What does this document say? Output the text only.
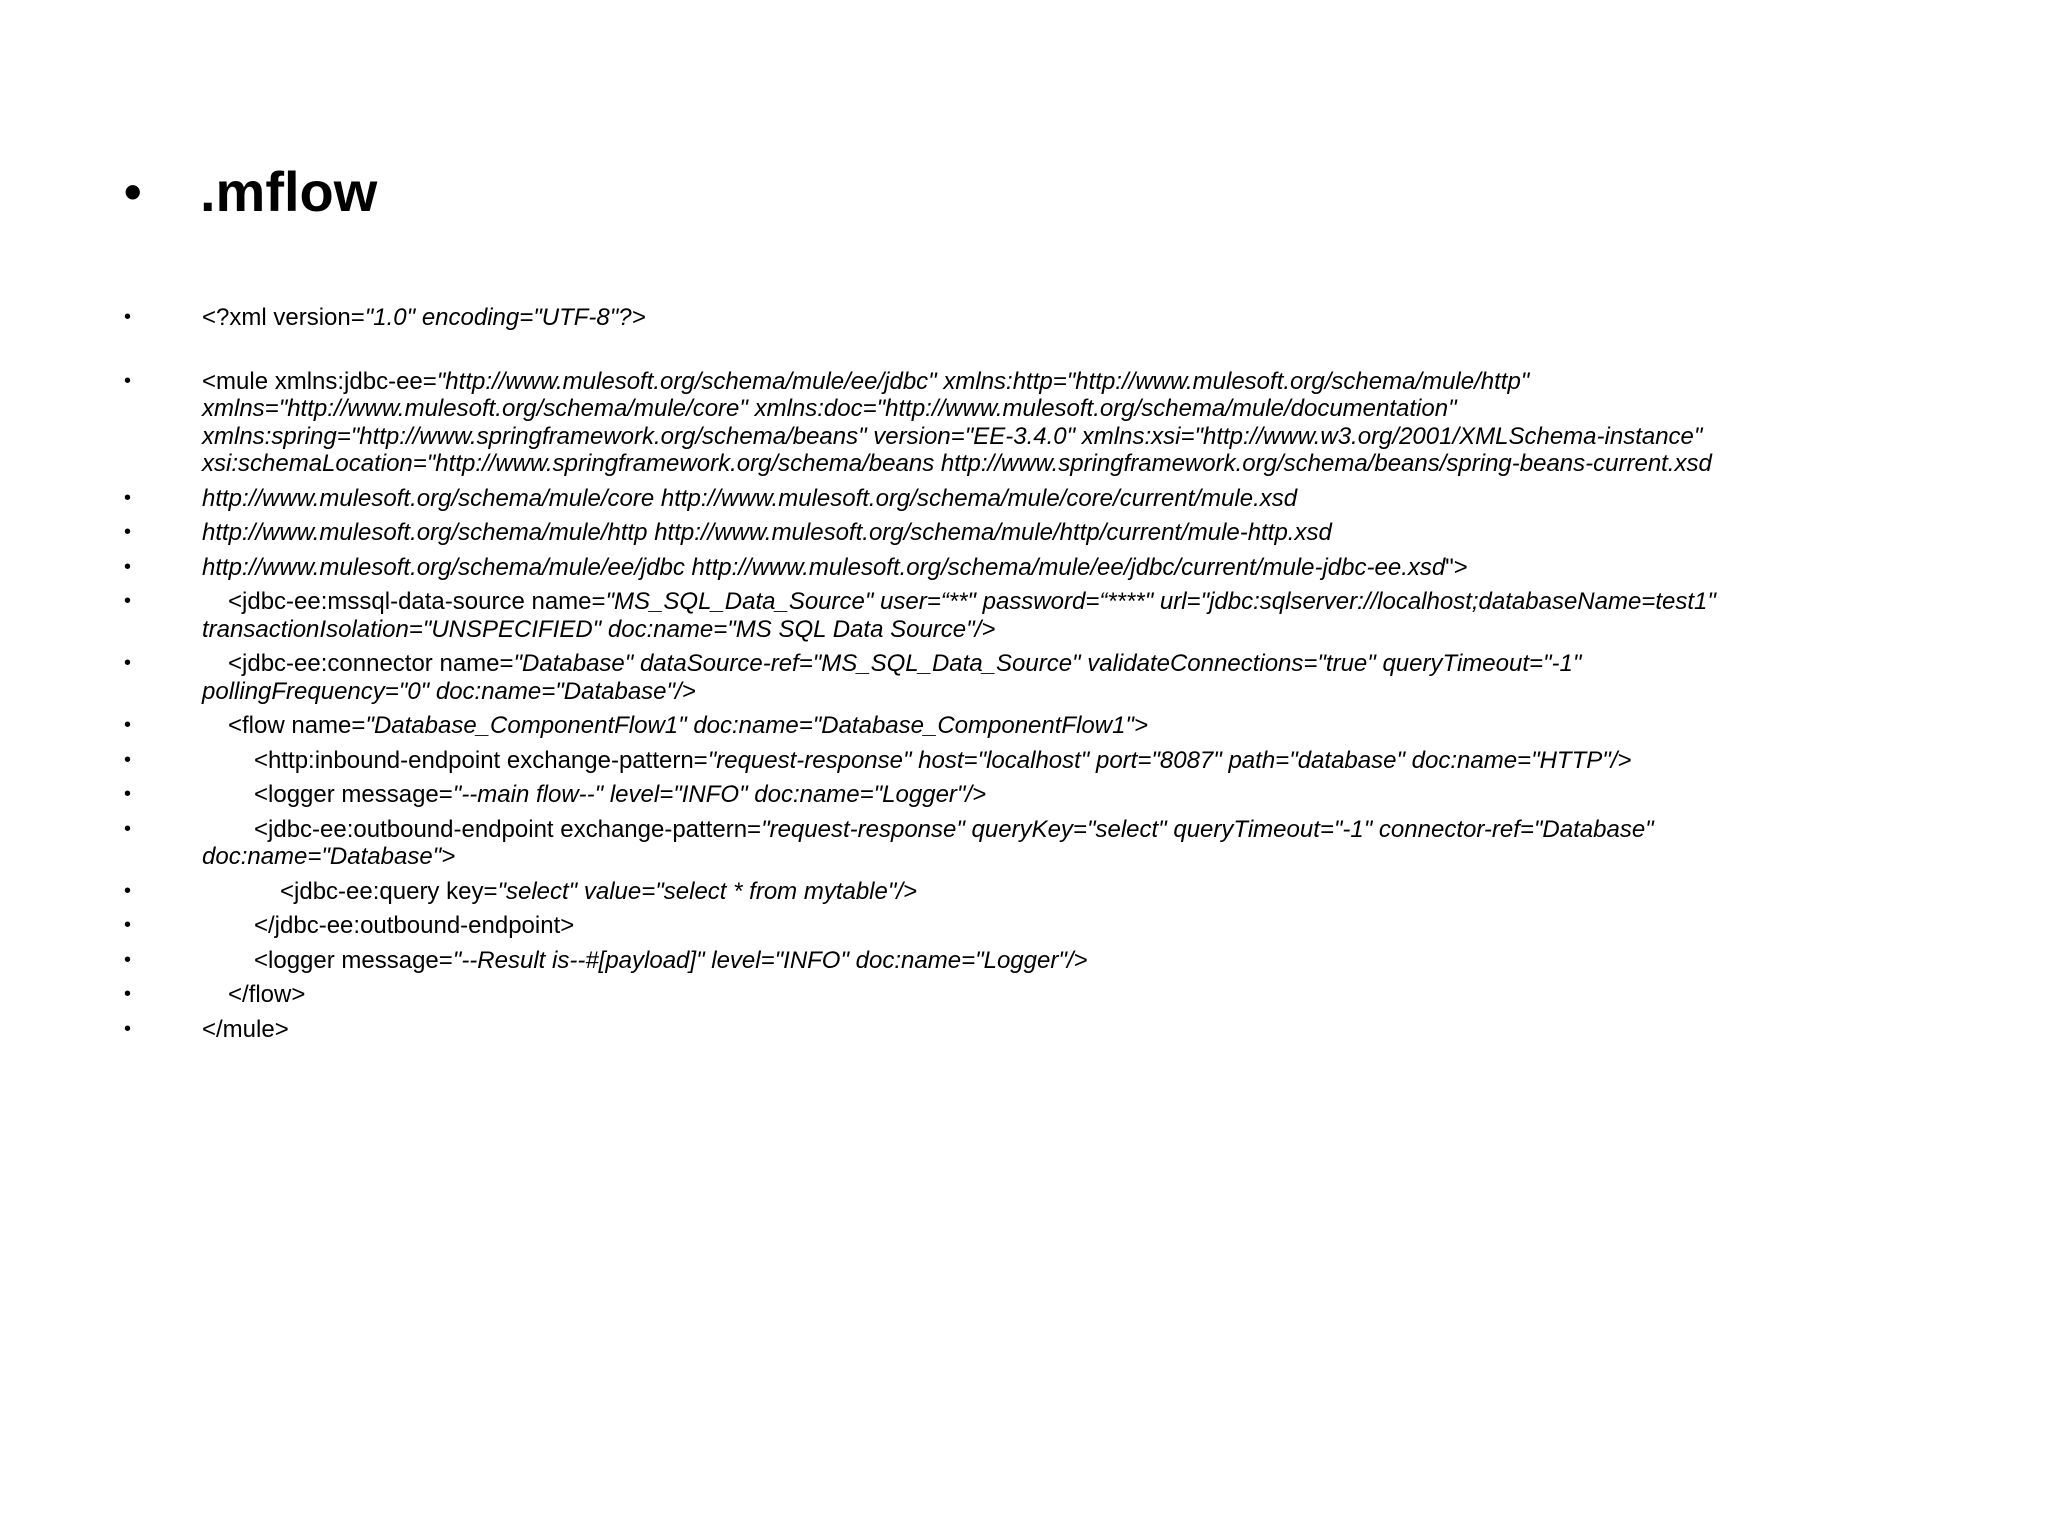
•	.mflow
•	<?xml version="1.0" encoding="UTF-8"?>
•	<mule xmlns:jdbc-ee="http://www.mulesoft.org/schema/mule/ee/jdbc" xmlns:http="http://www.mulesoft.org/schema/mule/http"
xmlns="http://www.mulesoft.org/schema/mule/core" xmlns:doc="http://www.mulesoft.org/schema/mule/documentation"
xmlns:spring="http://www.springframework.org/schema/beans" version="EE-3.4.0" xmlns:xsi="http://www.w3.org/2001/XMLSchema-instance"
xsi:schemaLocation="http://www.springframework.org/schema/beans http://www.springframework.org/schema/beans/spring-beans-current.xsd
•	http://www.mulesoft.org/schema/mule/core http://www.mulesoft.org/schema/mule/core/current/mule.xsd
•	http://www.mulesoft.org/schema/mule/http http://www.mulesoft.org/schema/mule/http/current/mule-http.xsd
•	http://www.mulesoft.org/schema/mule/ee/jdbc http://www.mulesoft.org/schema/mule/ee/jdbc/current/mule-jdbc-ee.xsd">
•	<jdbc-ee:mssql-data-source name="MS_SQL_Data_Source" user=“**" password=“****" url="jdbc:sqlserver://localhost;databaseName=test1"
transactionIsolation="UNSPECIFIED" doc:name="MS SQL Data Source"/>
•	<jdbc-ee:connector name="Database" dataSource-ref="MS_SQL_Data_Source" validateConnections="true" queryTimeout="-1"
pollingFrequency="0" doc:name="Database"/>
•	<flow name="Database_ComponentFlow1" doc:name="Database_ComponentFlow1">
•	<http:inbound-endpoint exchange-pattern="request-response" host="localhost" port="8087" path="database" doc:name="HTTP"/>
•	<logger message="--main flow--" level="INFO" doc:name="Logger"/>
•	<jdbc-ee:outbound-endpoint exchange-pattern="request-response" queryKey="select" queryTimeout="-1" connector-ref="Database"
doc:name="Database">
•	<jdbc-ee:query key="select" value="select * from mytable"/>
•	</jdbc-ee:outbound-endpoint>
•	<logger message="--Result is--#[payload]" level="INFO" doc:name="Logger"/>
•	</flow>
•	</mule>
